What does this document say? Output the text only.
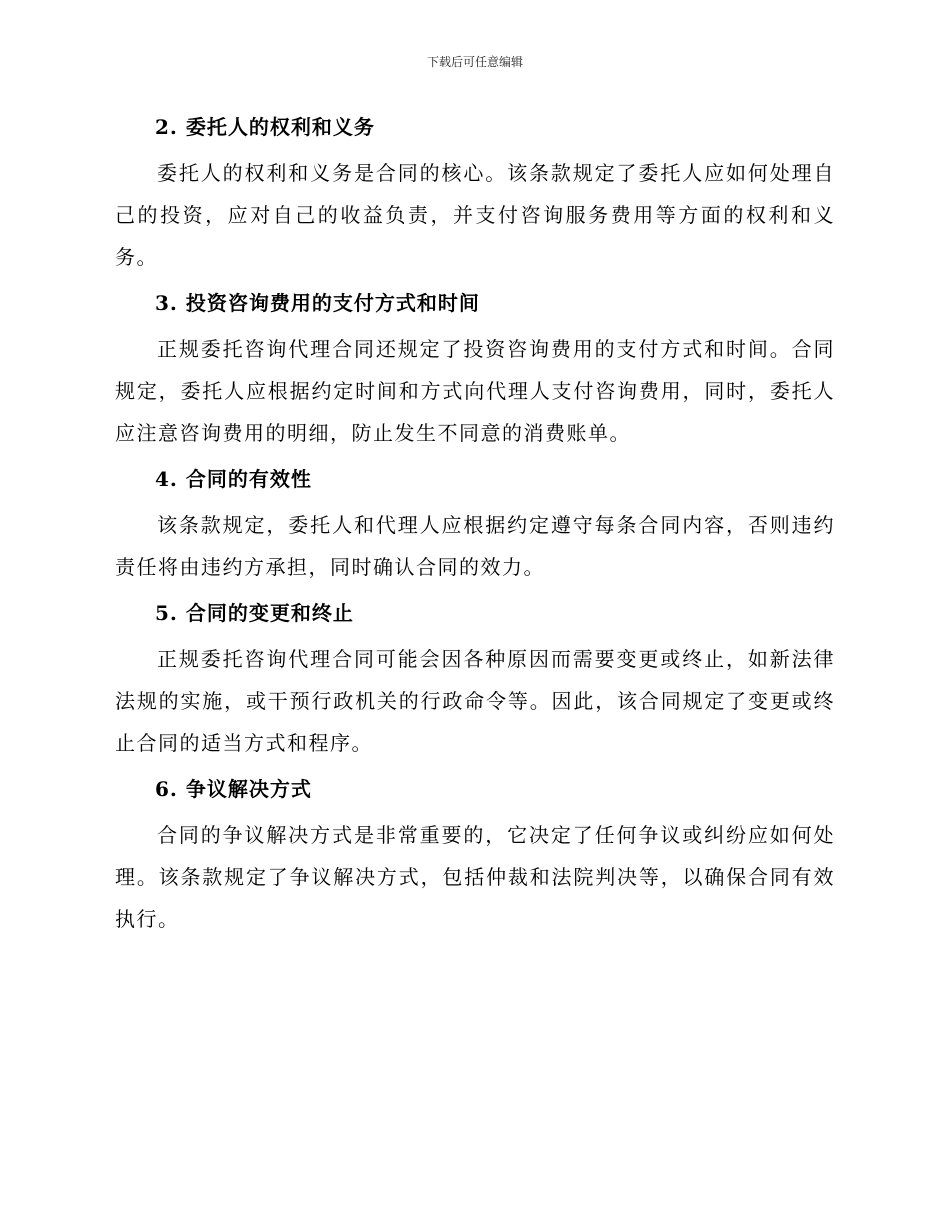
下载后可任意编辑

2. 委托人的权利和义务

委托人的权利和义务是合同的核心。该条款规定了委托人应如何处理自己的投资，应对自己的收益负责，并支付咨询服务费用等方面的权利和义务。

3. 投资咨询费用的支付方式和时间

正规委托咨询代理合同还规定了投资咨询费用的支付方式和时间。合同规定，委托人应根据约定时间和方式向代理人支付咨询费用，同时，委托人应注意咨询费用的明细，防止发生不同意的消费账单。

4. 合同的有效性

该条款规定，委托人和代理人应根据约定遵守每条合同内容，否则违约责任将由违约方承担，同时确认合同的效力。

5. 合同的变更和终止

正规委托咨询代理合同可能会因各种原因而需要变更或终止，如新法律法规的实施，或干预行政机关的行政命令等。因此，该合同规定了变更或终止合同的适当方式和程序。

6. 争议解决方式

合同的争议解决方式是非常重要的，它决定了任何争议或纠纷应如何处理。该条款规定了争议解决方式，包括仲裁和法院判决等，以确保合同有效执行。
